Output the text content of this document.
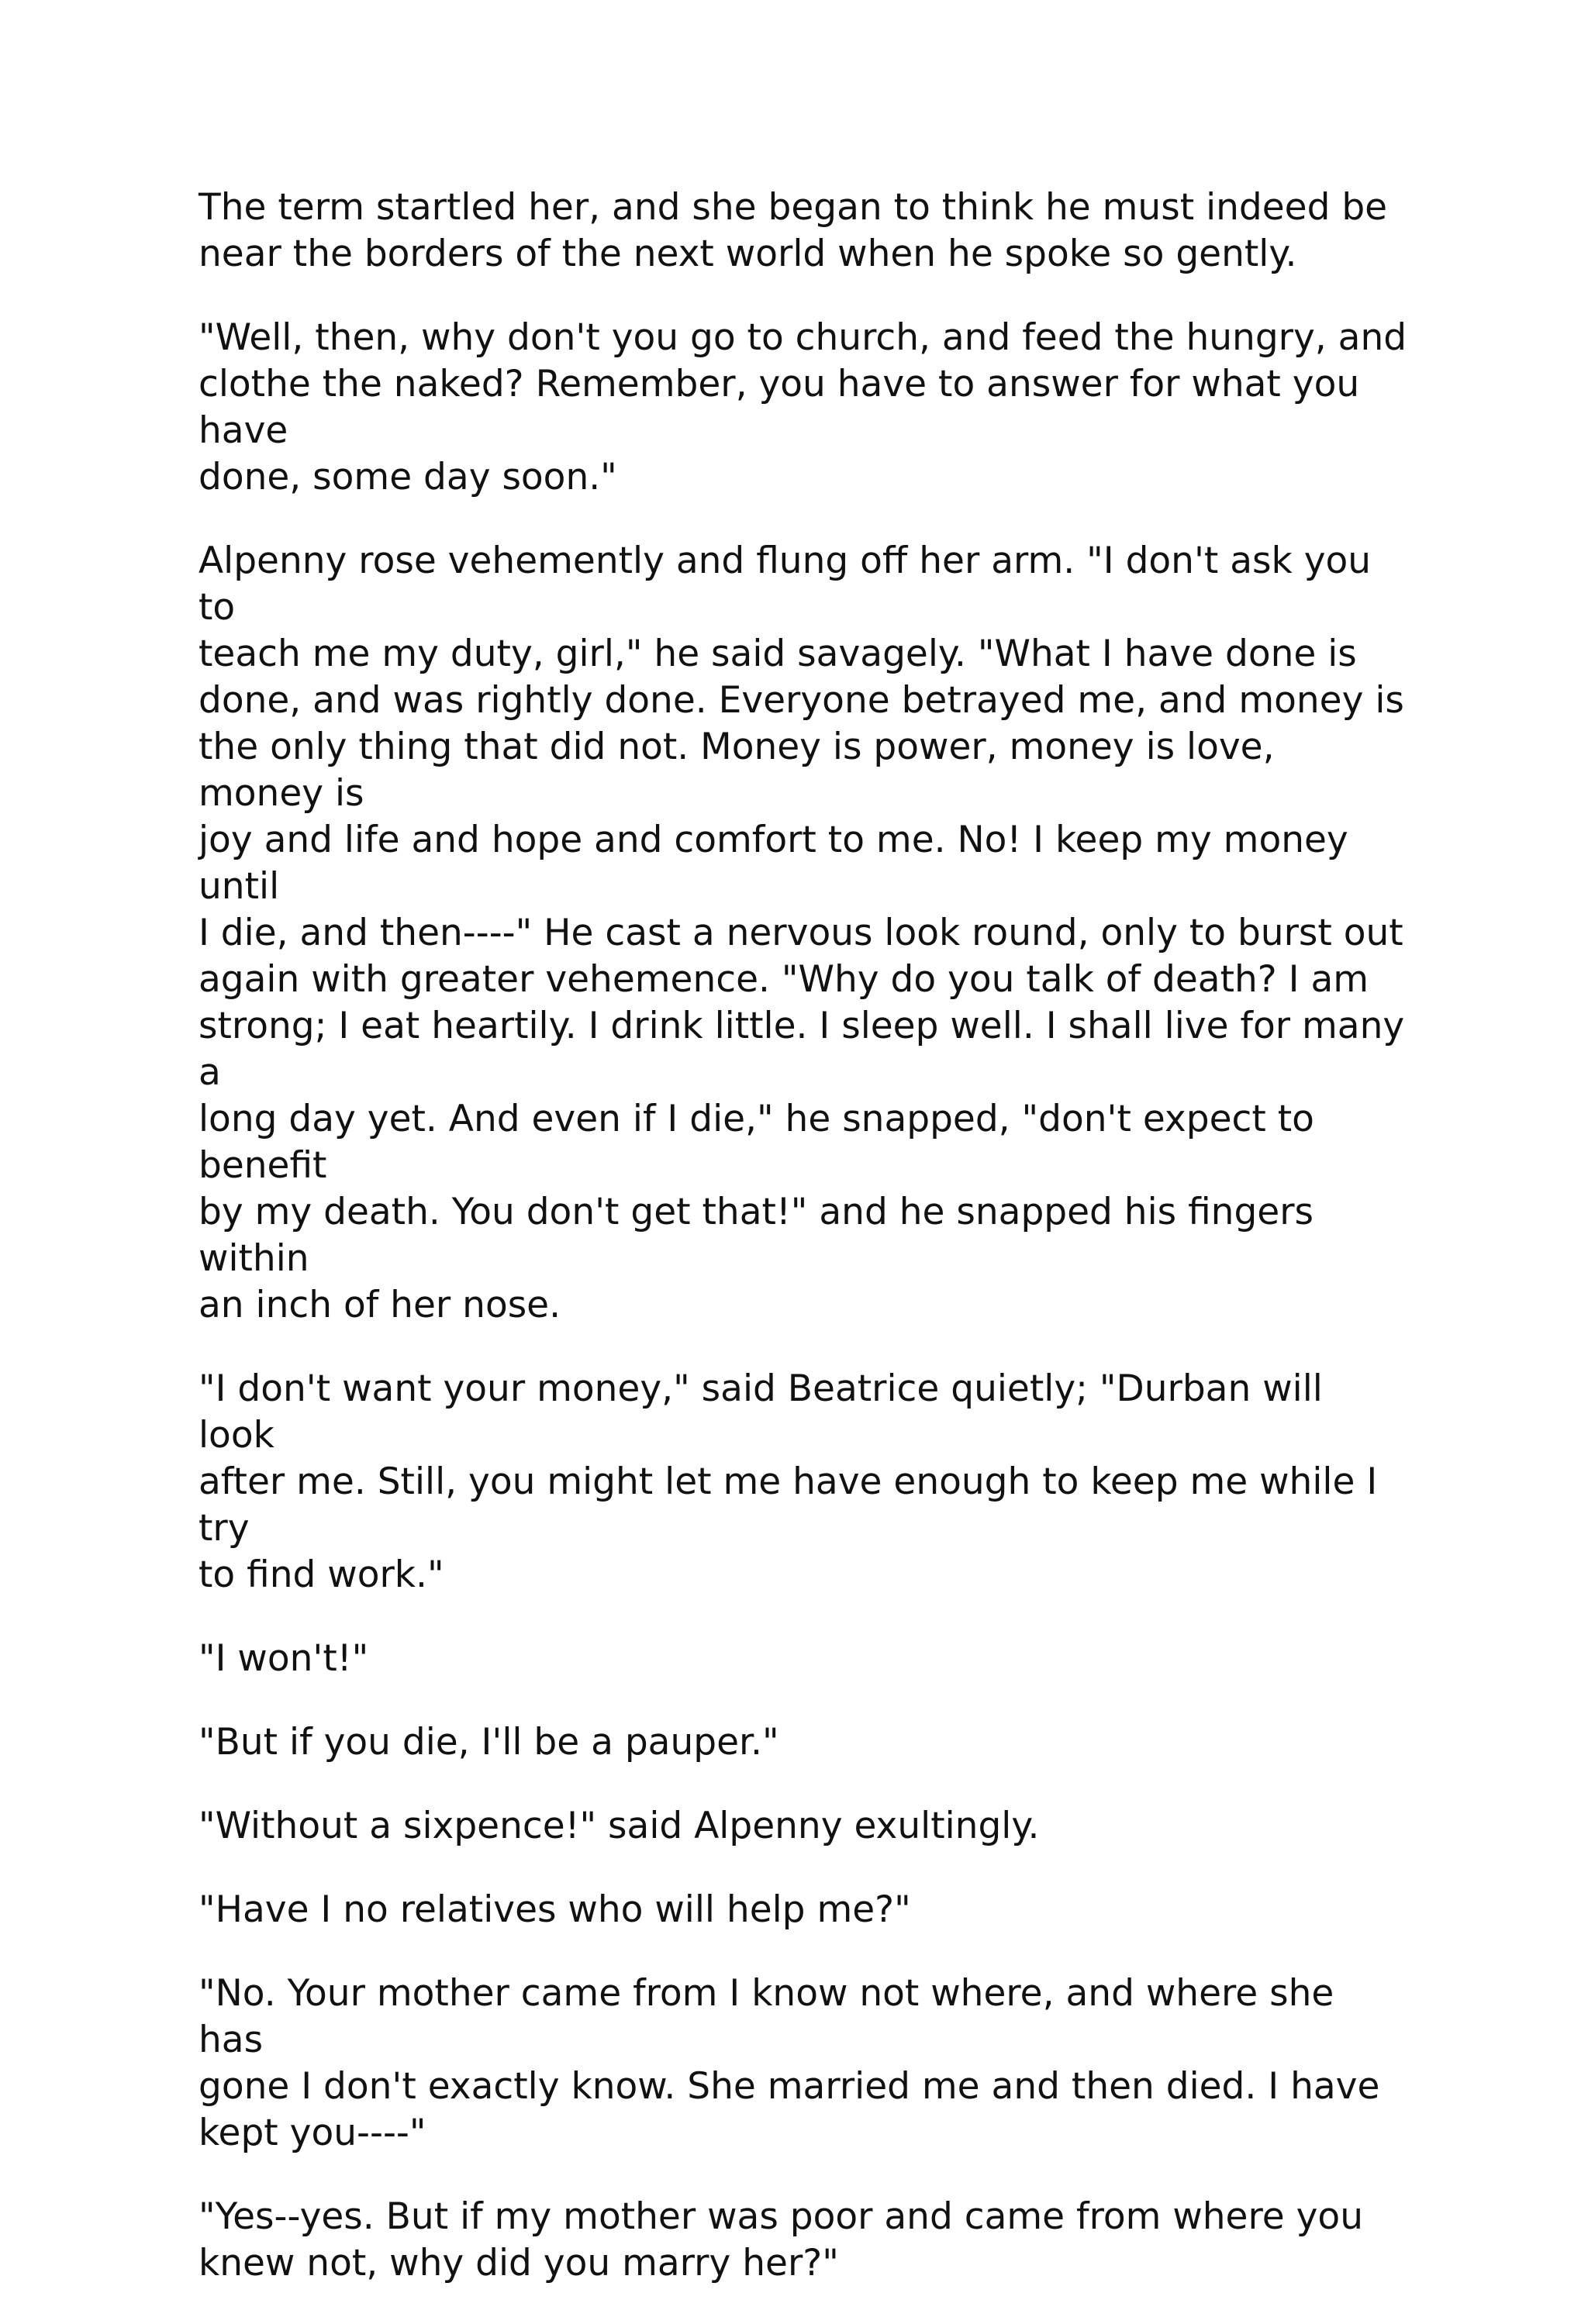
The term startled her, and she began to think he must indeed be
near the borders of the next world when he spoke so gently.

"Well, then, why don't you go to church, and feed the hungry, and
clothe the naked? Remember, you have to answer for what you have
done, some day soon."

Alpenny rose vehemently and flung off her arm. "I don't ask you to
teach me my duty, girl," he said savagely. "What I have done is
done, and was rightly done. Everyone betrayed me, and money is
the only thing that did not. Money is power, money is love, money is
joy and life and hope and comfort to me. No! I keep my money until
I die, and then----" He cast a nervous look round, only to burst out
again with greater vehemence. "Why do you talk of death? I am
strong; I eat heartily. I drink little. I sleep well. I shall live for many a
long day yet. And even if I die," he snapped, "don't expect to benefit
by my death. You don't get that!" and he snapped his fingers within
an inch of her nose.

"I don't want your money," said Beatrice quietly; "Durban will look
after me. Still, you might let me have enough to keep me while I try
to find work."

"I won't!"

"But if you die, I'll be a pauper."

"Without a sixpence!" said Alpenny exultingly.

"Have I no relatives who will help me?"

"No. Your mother came from I know not where, and where she has
gone I don't exactly know. She married me and then died. I have
kept you----"

"Yes--yes. But if my mother was poor and came from where you
knew not, why did you marry her?"
